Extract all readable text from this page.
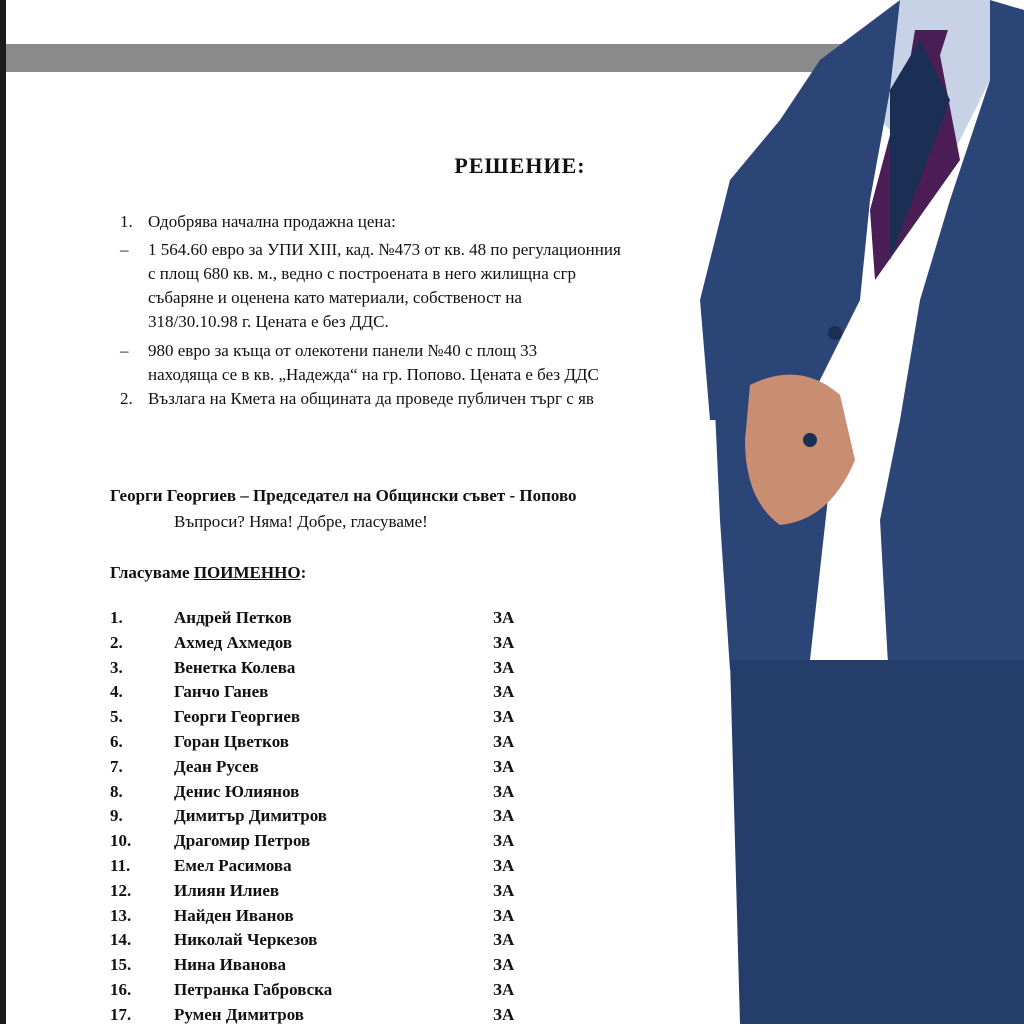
РЕШЕНИЕ:
1. Одобрява начална продажна цена:
– 1 564.60 евро за УПИ XIII, кад. №473 от кв. 48 по регулационния
с площ 680 кв. м., ведно с построената в него жилищна сгр
събаряне и оценена като материали, собственост на
318/30.10.98 г. Цената е без ДДС.
– 980 евро за къща от олекотени панели №40 с площ 33
находяща се в кв. „Надежда“ на гр. Попово. Цената е без ДДС
2. Възлага на Кмета на общината да проведе публичен търг с яв
Георги Георгиев – Председател на Общински съвет - Попово
Въпроси? Няма! Добре, гласуваме!
Гласуваме ПОИМЕННО:
1.	Андрей Петков	ЗА
2.	Ахмед Ахмедов	ЗА
3.	Венетка Колева	ЗА
4.	Ганчо Ганев	ЗА
5.	Георги Георгиев	ЗА
6.	Горан Цветков	ЗА
7.	Деан Русев	ЗА
8.	Денис Юлиянов	ЗА
9.	Димитър Димитров	ЗА
10.	Драгомир Петров	ЗА
11.	Емел Расимова	ЗА
12.	Илиян Илиев	ЗА
13.	Найден Иванов	ЗА
14.	Николай Черкезов	ЗА
15.	Нина Иванова	ЗА
16.	Петранка Габровска	ЗА
17.	Румен Димитров	ЗА
